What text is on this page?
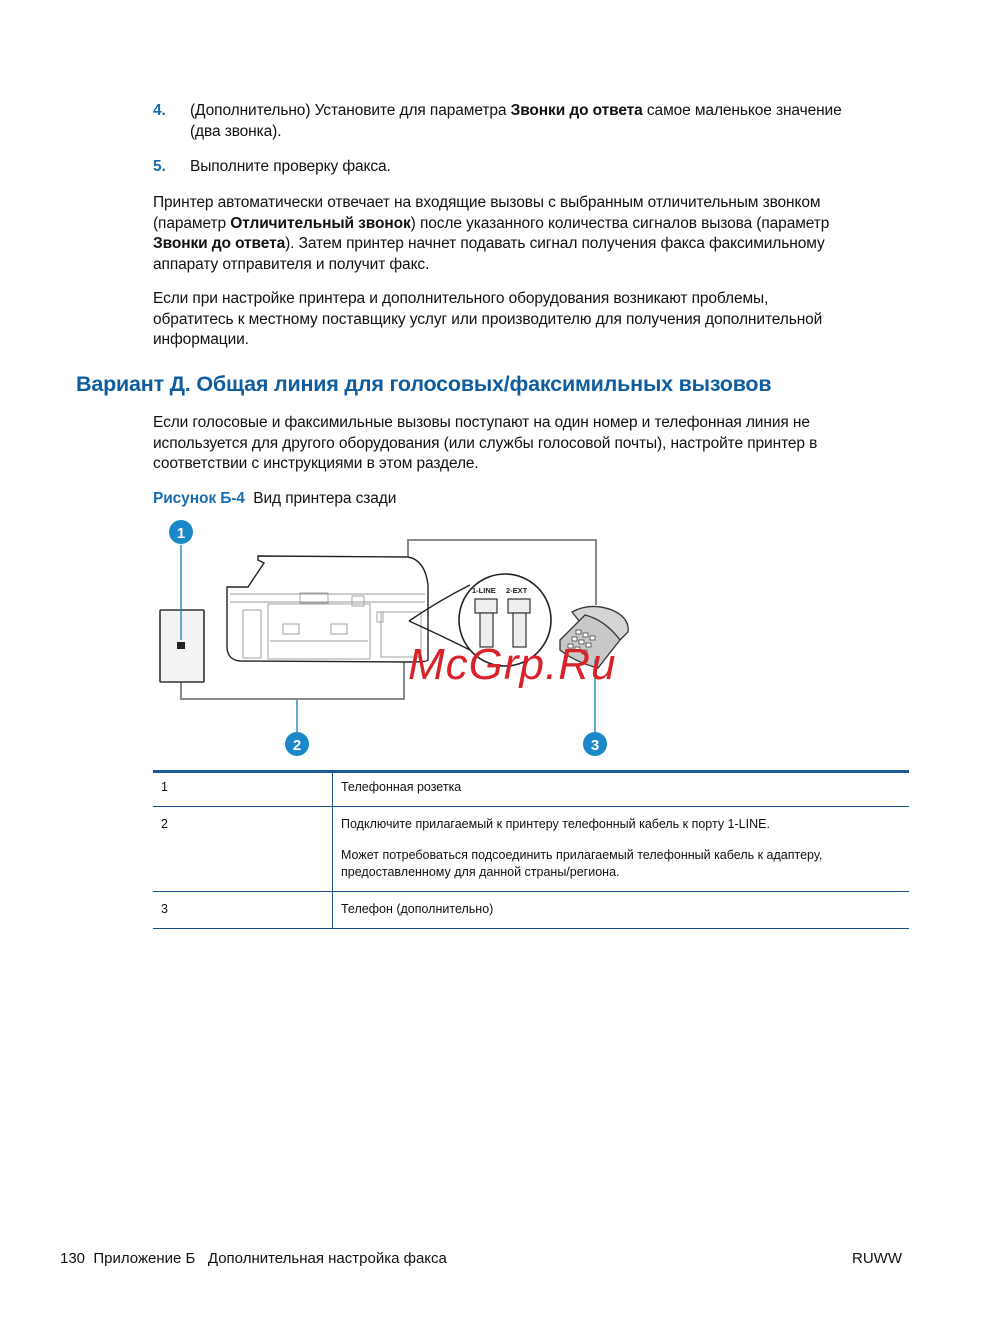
4. (Дополнительно) Установите для параметра Звонки до ответа самое маленькое значение
(два звонка).
5. Выполните проверку факса.
Принтер автоматически отвечает на входящие вызовы с выбранным отличительным звонком
(параметр Отличительный звонок) после указанного количества сигналов вызова (параметр
Звонки до ответа). Затем принтер начнет подавать сигнал получения факса факсимильному
аппарату отправителя и получит факс.
Если при настройке принтера и дополнительного оборудования возникают проблемы,
обратитесь к местному поставщику услуг или производителю для получения дополнительной
информации.
Вариант Д. Общая линия для голосовых/факсимильных вызовов
Если голосовые и факсимильные вызовы поступают на один номер и телефонная линия не
используется для другого оборудования (или службы голосовой почты), настройте принтер в
соответствии с инструкциями в этом разделе.
Рисунок Б-4 Вид принтера сзади
1-LINE 2-EXT
1
2	3
McGrp.Ru
1	Телефонная розетка
2	Подключите прилагаемый к принтеру телефонный кабель к порту 1-LINE.
Может потребоваться подсоединить прилагаемый телефонный кабель к адаптеру, предоставленному для данной страны/региона.

3	Телефон (дополнительно)
130 Приложение Б Дополнительная настройка факса	RUWW
